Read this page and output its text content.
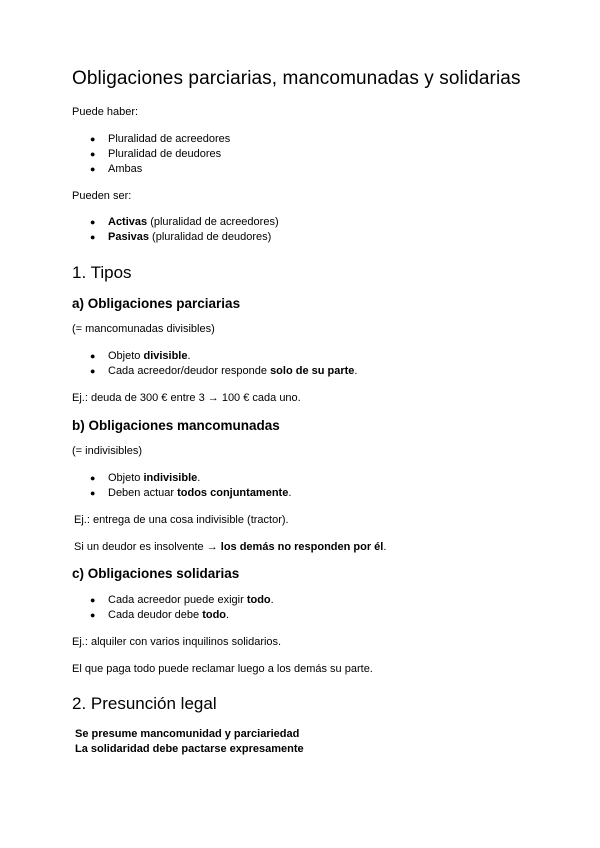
Obligaciones parciarias, mancomunadas y solidarias

Puede haber:

● Pluralidad de acreedores
● Pluralidad de deudores
● Ambas

Pueden ser:

● Activas (pluralidad de acreedores)
● Pasivas (pluralidad de deudores)
1. Tipos
a) Obligaciones parciarias

(= mancomunadas divisibles)

● Objeto divisible.
● Cada acreedor/deudor responde solo de su parte.

Ej.: deuda de 300 € entre 3 → 100 € cada uno.

b) Obligaciones mancomunadas

(= indivisibles)

● Objeto indivisible.
● Deben actuar todos conjuntamente.

Ej.: entrega de una cosa indivisible (tractor).

Si un deudor es insolvente → los demás no responden por él.

c) Obligaciones solidarias
● Cada acreedor puede exigir todo.
● Cada deudor debe todo.

Ej.: alquiler con varios inquilinos solidarios.

El que paga todo puede reclamar luego a los demás su parte.

2. Presunción legal

Se presume mancomunidad y parciariedad

La solidaridad debe pactarse expresamente
